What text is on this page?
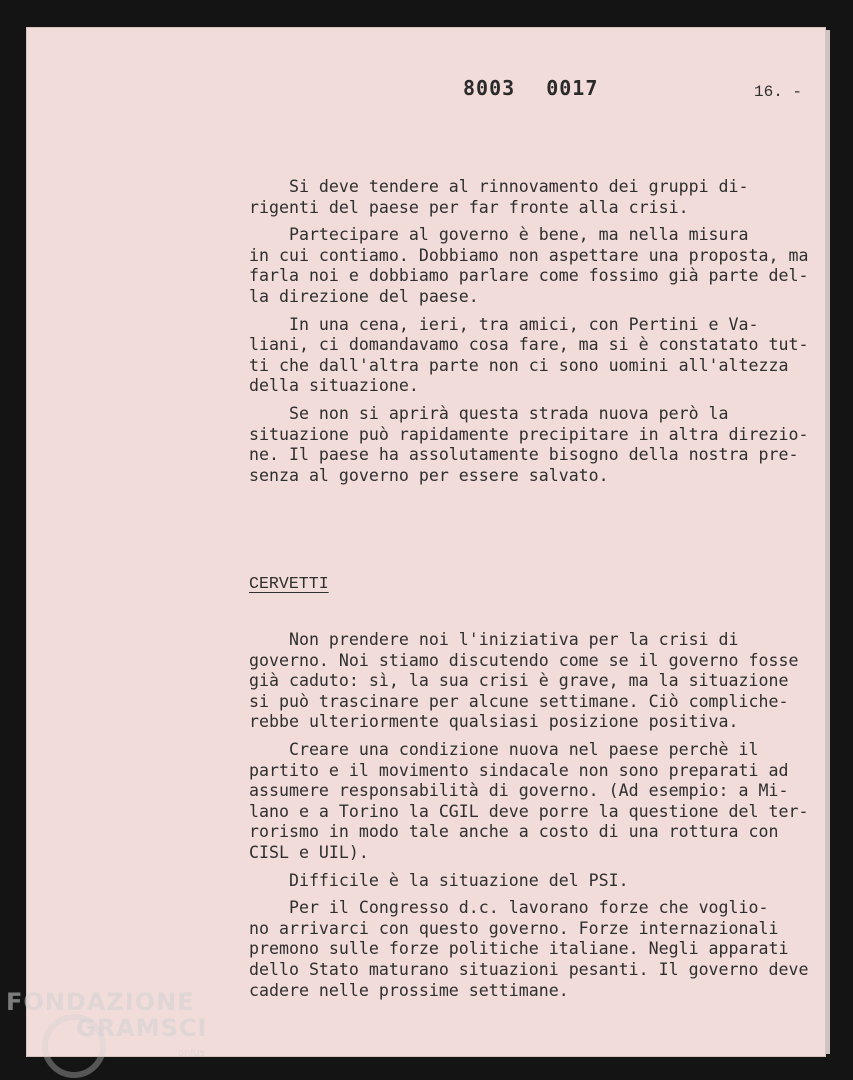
8003 0017	16. -
Si deve tendere al rinnovamento dei gruppi di-
rigenti del paese per far fronte alla crisi.
Partecipare al governo è bene, ma nella misura
in cui contiamo. Dobbiamo non aspettare una proposta, ma
farla noi e dobbiamo parlare come fossimo già parte del-
la direzione del paese.
In una cena, ieri, tra amici, con Pertini e Va-
liani, ci domandavamo cosa fare, ma si è constatato tut-
ti che dall'altra parte non ci sono uomini all'altezza
della situazione.
Se non si aprirà questa strada nuova però la
situazione può rapidamente precipitare in altra direzio-
ne. Il paese ha assolutamente bisogno della nostra pre-
senza al governo per essere salvato.
CERVETTI
Non prendere noi l'iniziativa per la crisi di
governo. Noi stiamo discutendo come se il governo fosse
già caduto: sì, la sua crisi è grave, ma la situazione
si può trascinare per alcune settimane. Ciò compliche-
rebbe ulteriormente qualsiasi posizione positiva.
Creare una condizione nuova nel paese perchè il
partito e il movimento sindacale non sono preparati ad
assumere responsabilità di governo. (Ad esempio: a Mi-
lano e a Torino la CGIL deve porre la questione del ter-
rorismo in modo tale anche a costo di una rottura con
CISL e UIL).
Difficile è la situazione del PSI.
Per il Congresso d.c. lavorano forze che voglio-
no arrivarci con questo governo. Forze internazionali
premono sulle forze politiche italiane. Negli apparati
dello Stato maturano situazioni pesanti. Il governo deve
cadere nelle prossime settimane.
FONDAZIONE
GRAMSCI
onlus
